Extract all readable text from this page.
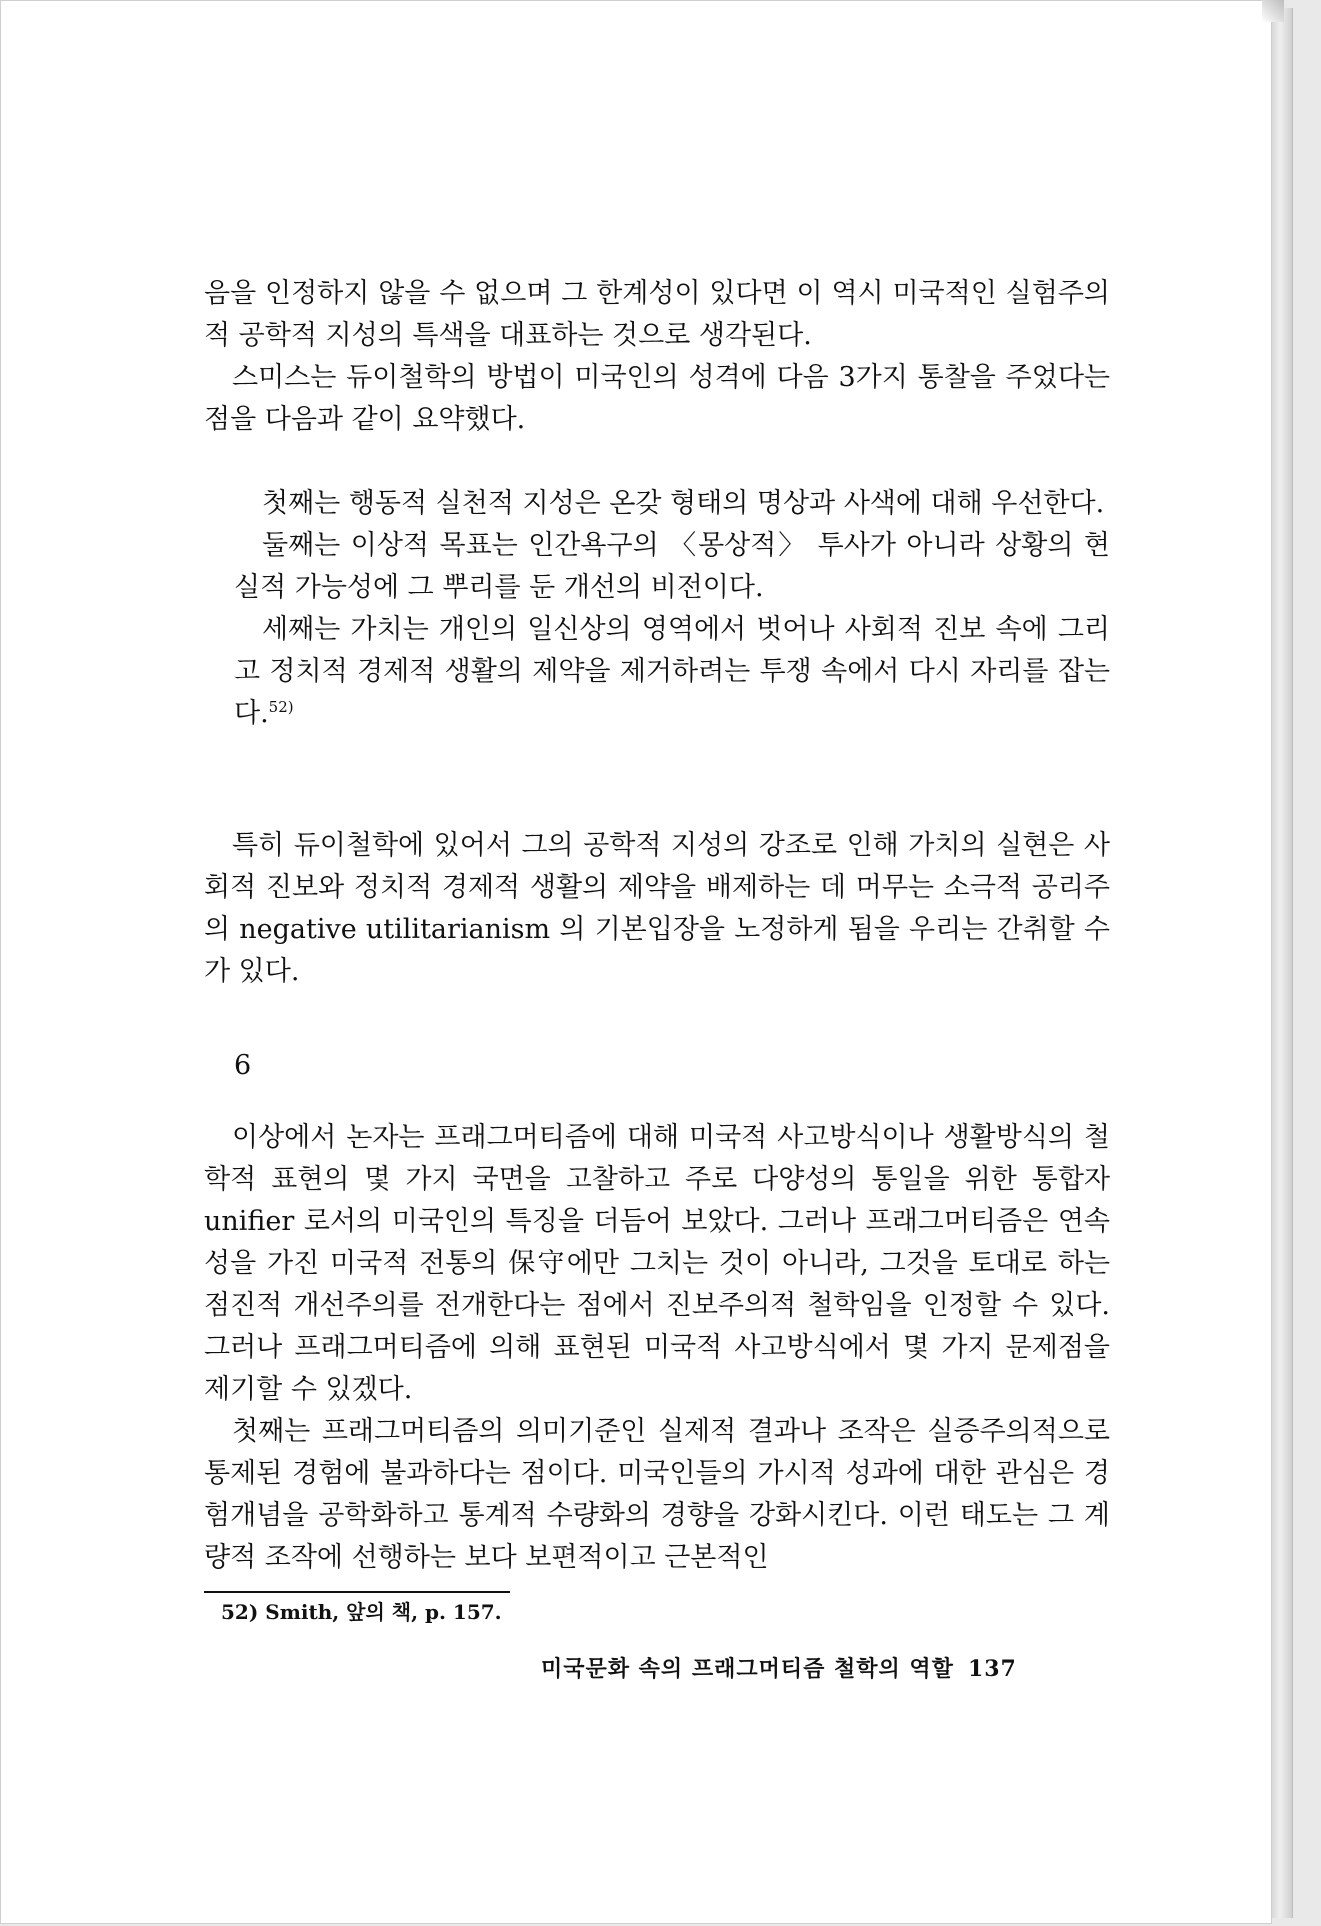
음을 인정하지 않을 수 없으며 그 한계성이 있다면 이 역시 미국적인 실험주의적 공학적 지성의 특색을 대표하는 것으로 생각된다.

스미스는 듀이철학의 방법이 미국인의 성격에 다음 3가지 통찰을 주었다는 점을 다음과 같이 요약했다.

첫째는 행동적 실천적 지성은 온갖 형태의 명상과 사색에 대해 우선한다.

둘째는 이상적 목표는 인간욕구의 〈몽상적〉 투사가 아니라 상황의 현실적 가능성에 그 뿌리를 둔 개선의 비전이다.

세째는 가치는 개인의 일신상의 영역에서 벗어나 사회적 진보 속에 그리고 정치적 경제적 생활의 제약을 제거하려는 투쟁 속에서 다시 자리를 잡는다.$^{52)}$

특히 듀이철학에 있어서 그의 공학적 지성의 강조로 인해 가치의 실현은 사회적 진보와 정치적 경제적 생활의 제약을 배제하는 데 머무는 소극적 공리주의 negative utilitarianism 의 기본입장을 노정하게 됨을 우리는 간취할 수가 있다.

6

이상에서 논자는 프래그머티즘에 대해 미국적 사고방식이나 생활방식의 철학적 표현의 몇 가지 국면을 고찰하고 주로 다양성의 통일을 위한 통합자 unifier 로서의 미국인의 특징을 더듬어 보았다. 그러나 프래그머티즘은 연속성을 가진 미국적 전통의 保守에만 그치는 것이 아니라, 그것을 토대로 하는 점진적 개선주의를 전개한다는 점에서 진보주의적 철학임을 인정할 수 있다. 그러나 프래그머티즘에 의해 표현된 미국적 사고방식에서 몇 가지 문제점을 제기할 수 있겠다.

첫째는 프래그머티즘의 의미기준인 실제적 결과나 조작은 실증주의적으로 통제된 경험에 불과하다는 점이다. 미국인들의 가시적 성과에 대한 관심은 경험개념을 공학화하고 통계적 수량화의 경향을 강화시킨다. 이런 태도는 그 계량적 조작에 선행하는 보다 보편적이고 근본적인

52) Smith, 앞의 책, p. 157.
미국문화 속의 프래그머티즘 철학의 역할 137
